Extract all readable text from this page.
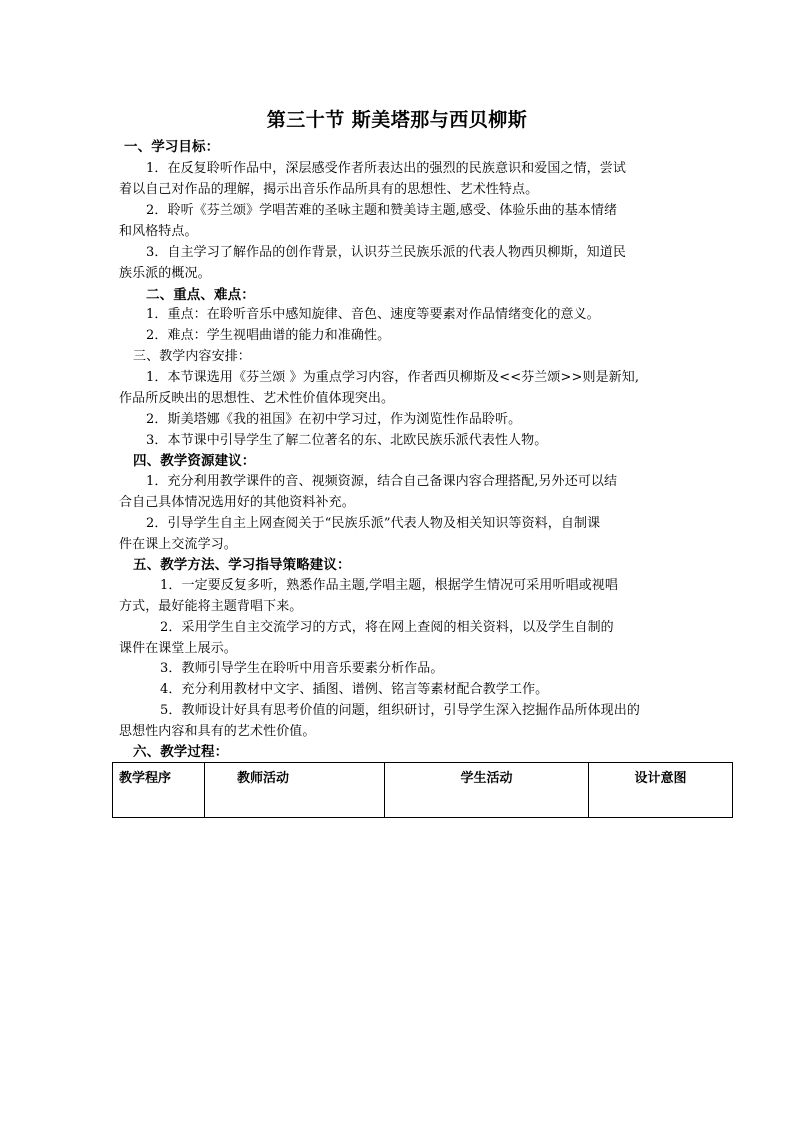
第三十节 斯美塔那与西贝柳斯
一、学习目标：
1．在反复聆听作品中，深层感受作者所表达出的强烈的民族意识和爱国之情，尝试
着以自己对作品的理解，揭示出音乐作品所具有的思想性、艺术性特点。
2．聆听《芬兰颂》学唱苦难的圣咏主题和赞美诗主题,感受、体验乐曲的基本情绪
和风格特点。
3．自主学习了解作品的创作背景，认识芬兰民族乐派的代表人物西贝柳斯，知道民
族乐派的概况。
二、重点、难点：
1．重点：在聆听音乐中感知旋律、音色、速度等要素对作品情绪变化的意义。
2．难点：学生视唱曲谱的能力和准确性。
三、教学内容安排：
1．本节课选用《芬兰颂 》为重点学习内容，作者西贝柳斯及<<芬兰颂>>则是新知,
作品所反映出的思想性、艺术性价值体现突出。
2．斯美塔娜《我的祖国》在初中学习过，作为浏览性作品聆听。
3．本节课中引导学生了解二位著名的东、北欧民族乐派代表性人物。
四、教学资源建议：
1．充分利用教学课件的音、视频资源，结合自己备课内容合理搭配,另外还可以结
合自己具体情况选用好的其他资料补充。
2．引导学生自主上网查阅关于“民族乐派”代表人物及相关知识等资料，自制课
件在课上交流学习。
五、教学方法、学习指导策略建议：
1．一定要反复多听，熟悉作品主题,学唱主题，根据学生情况可采用听唱或视唱
方式，最好能将主题背唱下来。
2．采用学生自主交流学习的方式，将在网上查阅的相关资料，以及学生自制的
课件在课堂上展示。
3．教师引导学生在聆听中用音乐要素分析作品。
4．充分利用教材中文字、插图、谱例、铭言等素材配合教学工作。
5．教师设计好具有思考价值的问题，组织研讨，引导学生深入挖掘作品所体现出的
思想性内容和具有的艺术性价值。
六、教学过程：
教学程序	教师活动	学生活动	设计意图
